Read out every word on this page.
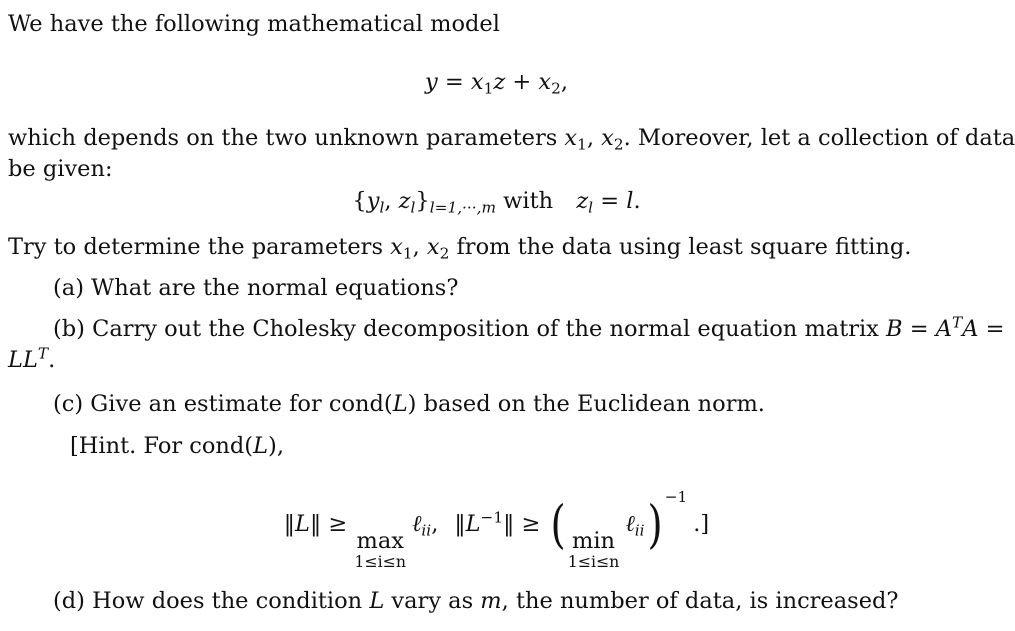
We have the following mathematical model
$y = x_1z + x_2$,
which depends on the two unknown parameters $x_1$, $x_2$. Moreover, let a collection of data
be given:
{$y_l$, $z_l\}_{l=1,\cdot\cdot\cdot,m}$ with $z_l = l$.
Try to determine the parameters $x_1$, $x_2$ from the data using least square fitting.
(a) What are the normal equations?
(b) Carry out the Cholesky decomposition of the normal equation matrix $B = A^TA$ =
$LL^T$.
(c) Give an estimate for cond(L) based on the Euclidean norm.
[Hint. For cond(L),
‖L‖ ≥
max
1≤i≤n
ℓ$_{ii}$, $‖L^{-1}‖$ ≥ ( min
1≤i≤n
ℓ$_{ii}$) $^{-1}$.]
(d) How does the condition L vary as m, the number of data, is increased?
